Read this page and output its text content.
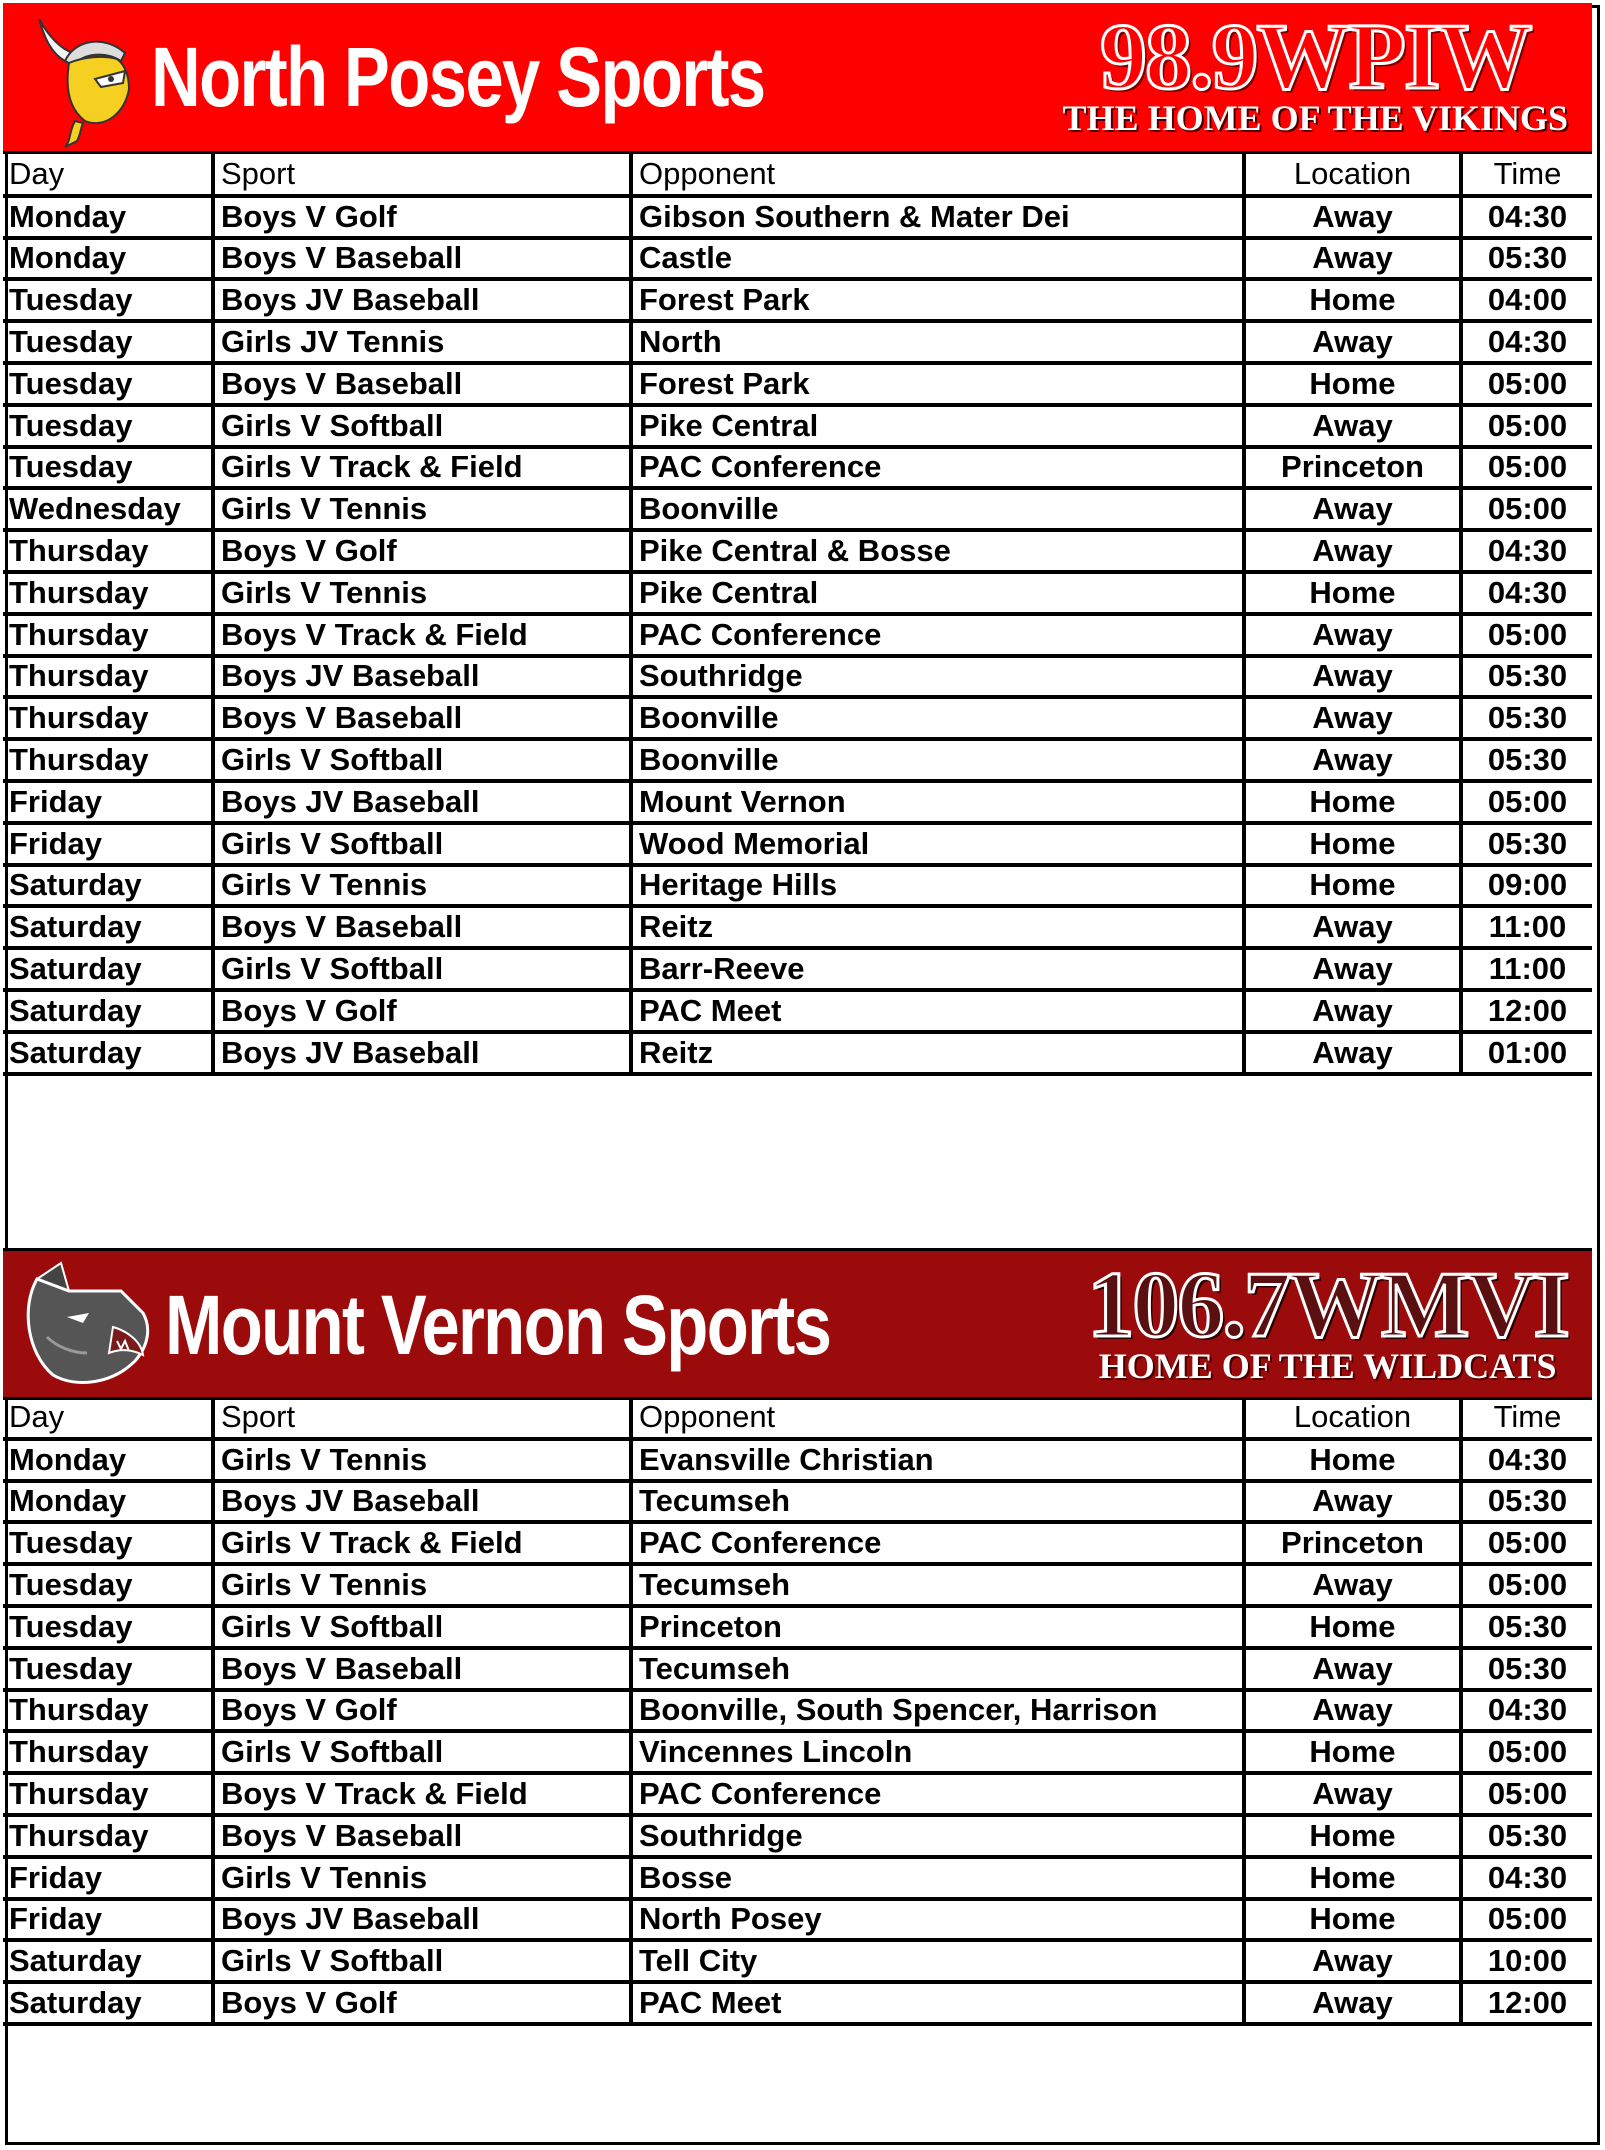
North Posey Sports	98.9WPIW
THE HOME OF THE VIKINGS
Day	Sport	Opponent	Location	Time
Monday	Boys V Golf	Gibson Southern & Mater Dei	Away	04:30
Monday	Boys V Baseball	Castle	Away	05:30
Tuesday	Boys JV Baseball	Forest Park	Home	04:00
Tuesday	Girls JV Tennis	North	Away	04:30
Tuesday	Boys V Baseball	Forest Park	Home	05:00
Tuesday	Girls V Softball	Pike Central	Away	05:00
Tuesday	Girls V Track & Field	PAC Conference	Princeton	05:00
Wednesday	Girls V Tennis	Boonville	Away	05:00
Thursday	Boys V Golf	Pike Central & Bosse	Away	04:30
Thursday	Girls V Tennis	Pike Central	Home	04:30
Thursday	Boys V Track & Field	PAC Conference	Away	05:00
Thursday	Boys JV Baseball	Southridge	Away	05:30
Thursday	Boys V Baseball	Boonville	Away	05:30
Thursday	Girls V Softball	Boonville	Away	05:30
Friday	Boys JV Baseball	Mount Vernon	Home	05:00
Friday	Girls V Softball	Wood Memorial	Home	05:30
Saturday	Girls V Tennis	Heritage Hills	Home	09:00
Saturday	Boys V Baseball	Reitz	Away	11:00
Saturday	Girls V Softball	Barr-Reeve	Away	11:00
Saturday	Boys V Golf	PAC Meet	Away	12:00
Saturday	Boys JV Baseball	Reitz	Away	01:00
Mount Vernon Sports	106.7WMVI
HOME OF THE WILDCATS
Day	Sport	Opponent	Location	Time
Monday	Girls V Tennis	Evansville Christian	Home	04:30
Monday	Boys JV Baseball	Tecumseh	Away	05:30
Tuesday	Girls V Track & Field	PAC Conference	Princeton	05:00
Tuesday	Girls V Tennis	Tecumseh	Away	05:00
Tuesday	Girls V Softball	Princeton	Home	05:30
Tuesday	Boys V Baseball	Tecumseh	Away	05:30
Thursday	Boys V Golf	Boonville, South Spencer, Harrison	Away	04:30
Thursday	Girls V Softball	Vincennes Lincoln	Home	05:00
Thursday	Boys V Track & Field	PAC Conference	Away	05:00
Thursday	Boys V Baseball	Southridge	Home	05:30
Friday	Girls V Tennis	Bosse	Home	04:30
Friday	Boys JV Baseball	North Posey	Home	05:00
Saturday	Girls V Softball	Tell City	Away	10:00
Saturday	Boys V Golf	PAC Meet	Away	12:00
